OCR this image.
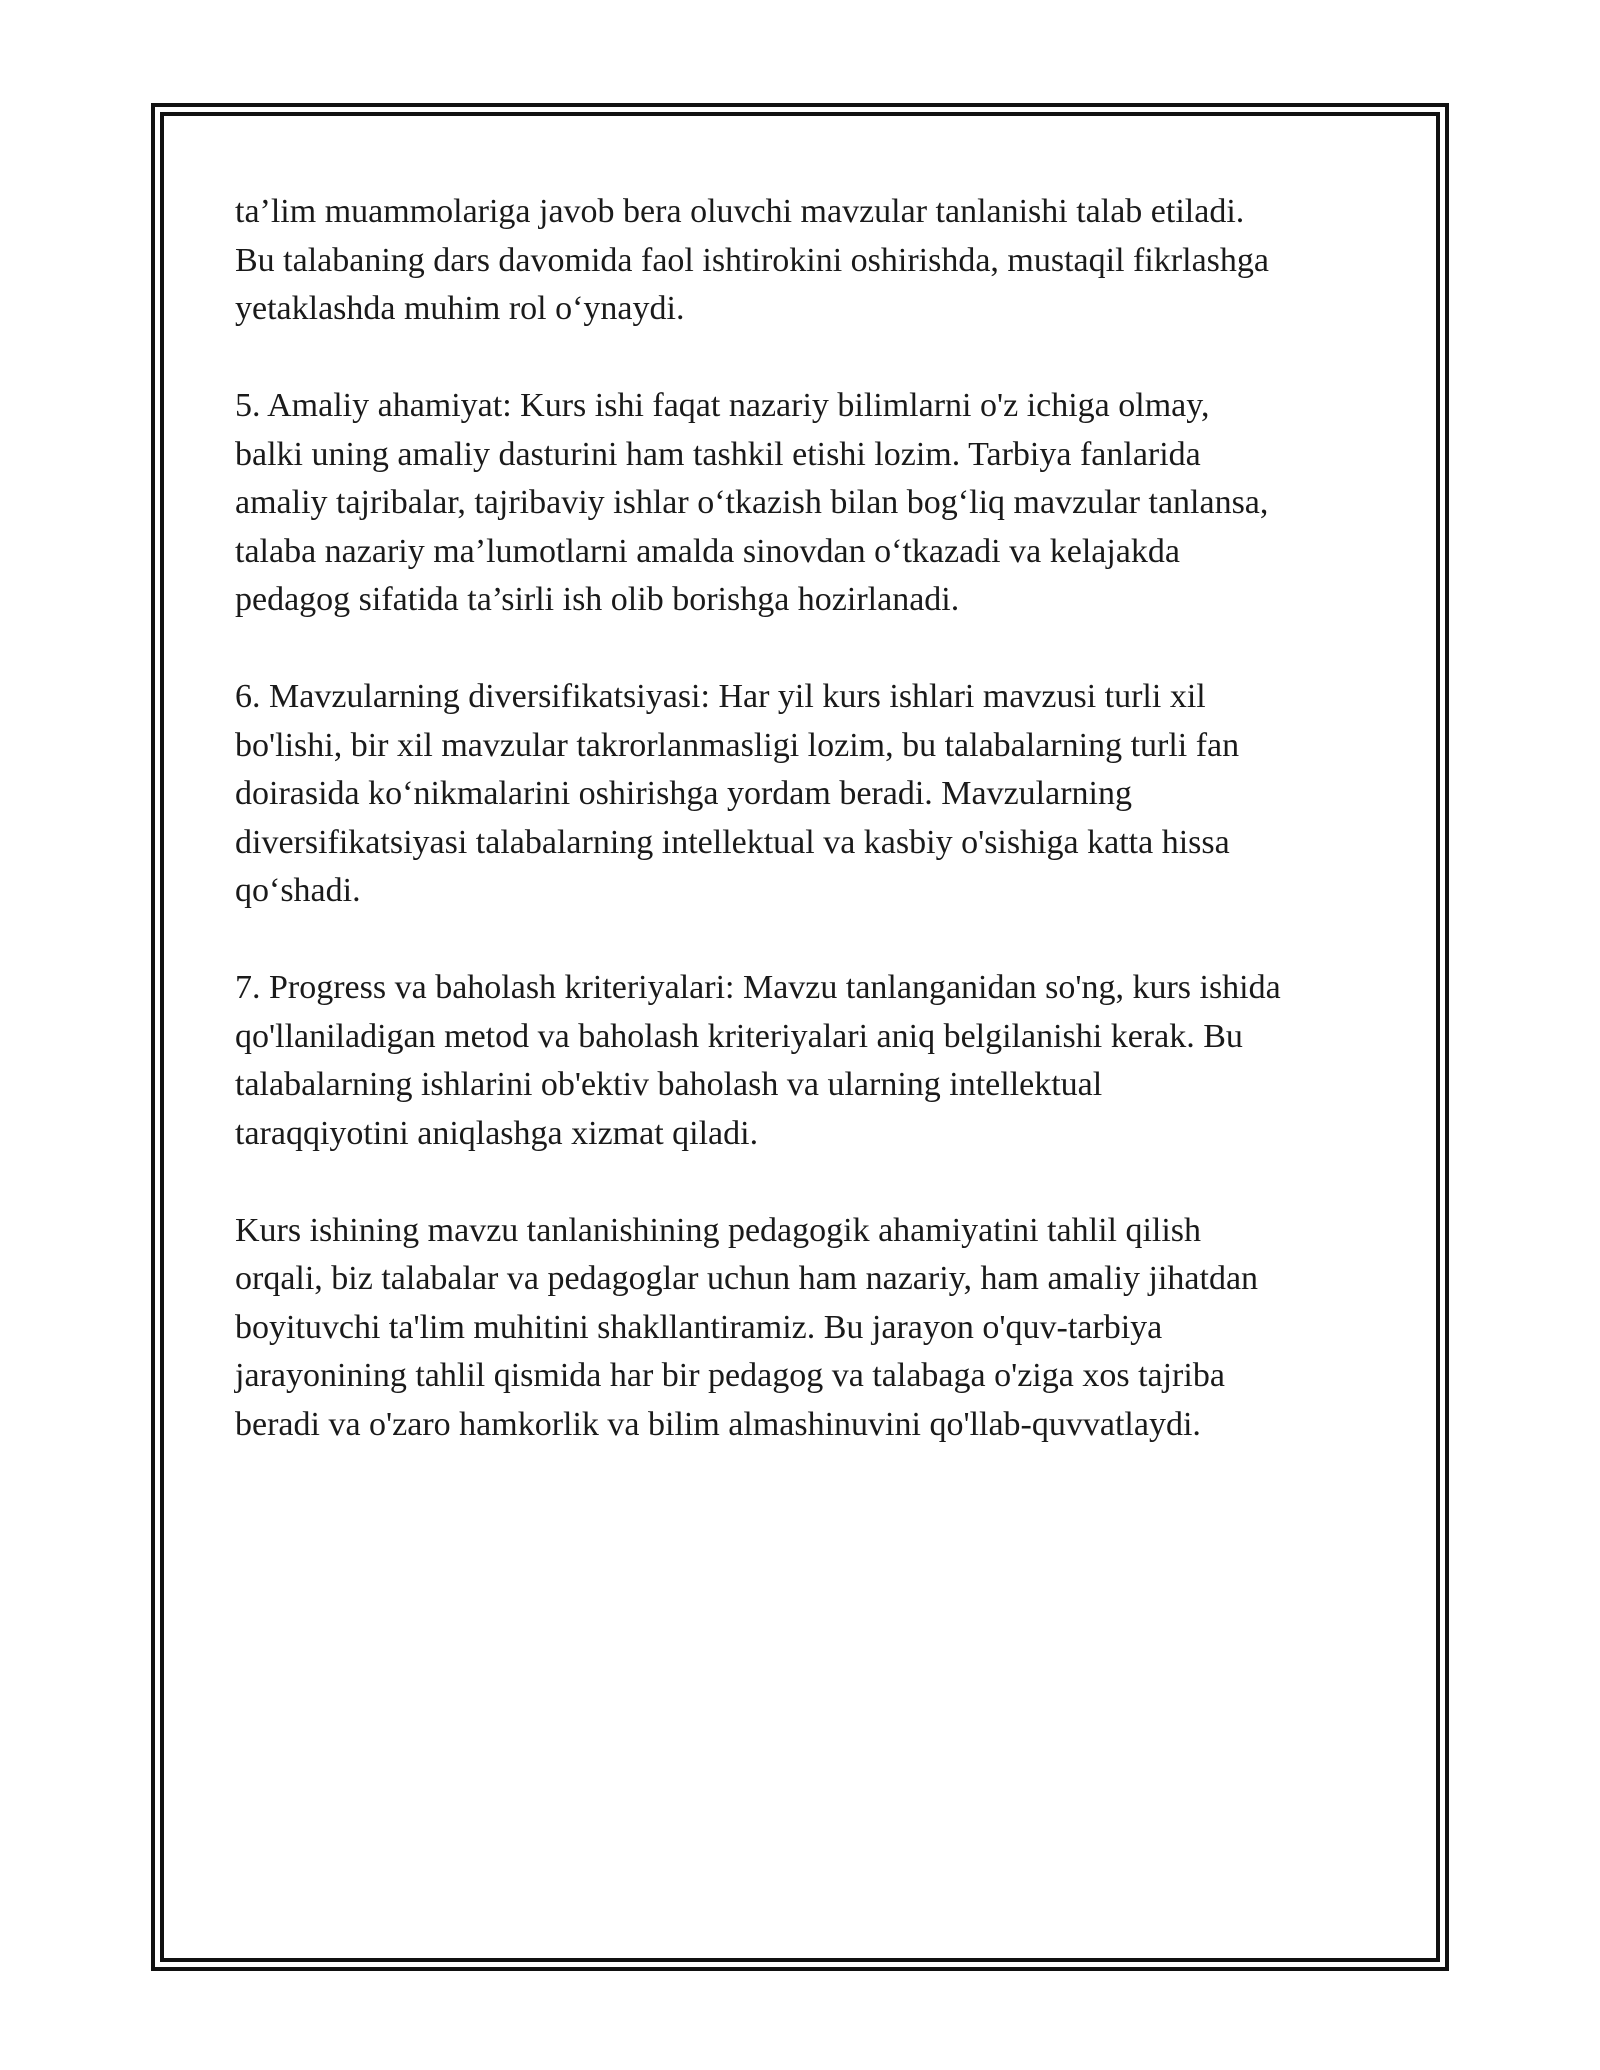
ta’lim muammolariga javob bera oluvchi mavzular tanlanishi talab etiladi.
Bu talabaning dars davomida faol ishtirokini oshirishda, mustaqil fikrlashga
yetaklashda muhim rol o‘ynaydi.

5. Amaliy ahamiyat: Kurs ishi faqat nazariy bilimlarni o'z ichiga olmay,
balki uning amaliy dasturini ham tashkil etishi lozim. Tarbiya fanlarida
amaliy tajribalar, tajribaviy ishlar o‘tkazish bilan bog‘liq mavzular tanlansa,
talaba nazariy ma’lumotlarni amalda sinovdan o‘tkazadi va kelajakda
pedagog sifatida ta’sirli ish olib borishga hozirlanadi.

6. Mavzularning diversifikatsiyasi: Har yil kurs ishlari mavzusi turli xil
bo'lishi, bir xil mavzular takrorlanmasligi lozim, bu talabalarning turli fan
doirasida ko‘nikmalarini oshirishga yordam beradi. Mavzularning
diversifikatsiyasi talabalarning intellektual va kasbiy o'sishiga katta hissa
qo‘shadi.

7. Progress va baholash kriteriyalari: Mavzu tanlanganidan so'ng, kurs ishida
qo'llaniladigan metod va baholash kriteriyalari aniq belgilanishi kerak. Bu
talabalarning ishlarini ob'ektiv baholash va ularning intellektual
taraqqiyotini aniqlashga xizmat qiladi.

Kurs ishining mavzu tanlanishining pedagogik ahamiyatini tahlil qilish
orqali, biz talabalar va pedagoglar uchun ham nazariy, ham amaliy jihatdan
boyituvchi ta'lim muhitini shakllantiramiz. Bu jarayon o'quv-tarbiya
jarayonining tahlil qismida har bir pedagog va talabaga o'ziga xos tajriba
beradi va o'zaro hamkorlik va bilim almashinuvini qo'llab-quvvatlaydi.
